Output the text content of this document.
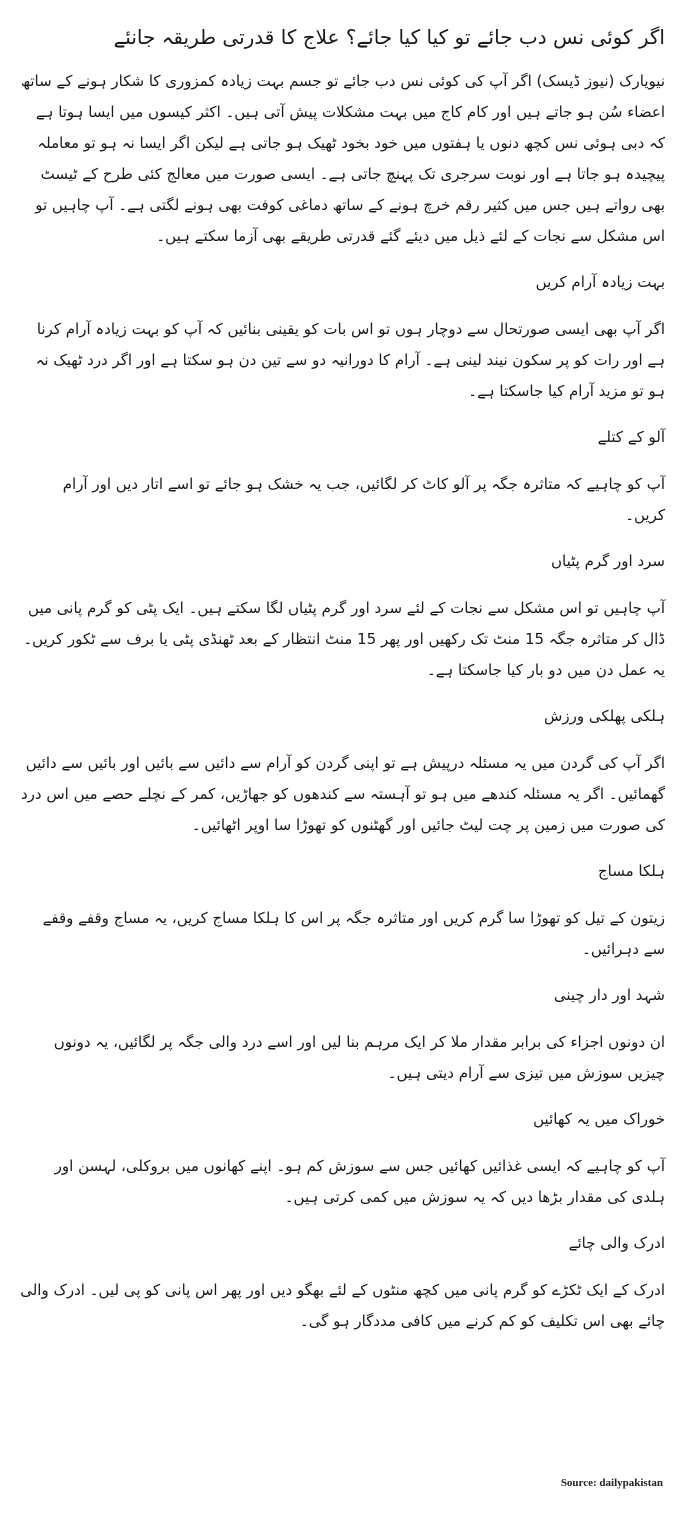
اگر کوئی نس دب جائے تو کیا کیا جائے؟ علاج کا قدرتی طریقہ جانئے

نیویارک (نیوز ڈیسک) اگر آپ کی کوئی نس دب جائے تو جسم بہت زیادہ کمزوری کا شکار ہونے کے ساتھ اعضاء سُن ہو جاتے ہیں اور کام کاج میں بہت مشکلات پیش آتی ہیں۔ اکثر کیسوں میں ایسا ہوتا ہے کہ دبی ہوئی نس کچھ دنوں یا ہفتوں میں خود بخود ٹھیک ہو جاتی ہے لیکن اگر ایسا نہ ہو تو معاملہ پیچیدہ ہو جاتا ہے اور نوبت سرجری تک پہنچ جاتی ہے۔ ایسی صورت میں معالج کئی طرح کے ٹیسٹ بھی رواتے ہیں جس میں کثیر رقم خرچ ہونے کے ساتھ دماغی کوفت بھی ہونے لگتی ہے۔ آپ چاہیں تو اس مشکل سے نجات کے لئے ذیل میں دیئے گئے قدرتی طریقے بھی آزما سکتے ہیں۔

بہت زیادہ آرام کریں

اگر آپ بھی ایسی صورتحال سے دوچار ہوں تو اس بات کو یقینی بنائیں کہ آپ کو بہت زیادہ آرام کرنا ہے اور رات کو پر سکون نیند لینی ہے۔ آرام کا دورانیہ دو سے تین دن ہو سکتا ہے اور اگر درد ٹھیک نہ ہو تو مزید آرام کیا جاسکتا ہے۔

آلو کے کتلے

آپ کو چاہیے کہ متاثرہ جگہ پر آلو کاٹ کر لگائیں، جب یہ خشک ہو جائے تو اسے اتار دیں اور آرام کریں۔

سرد اور گرم پٹیاں

آپ چاہیں تو اس مشکل سے نجات کے لئے سرد اور گرم پٹیاں لگا سکتے ہیں۔ ایک پٹی کو گرم پانی میں ڈال کر متاثرہ جگہ 15 منٹ تک رکھیں اور پھر 15 منٹ انتظار کے بعد ٹھنڈی پٹی یا برف سے ٹکور کریں۔ یہ عمل دن میں دو بار کیا جاسکتا ہے۔

ہلکی پھلکی ورزش

اگر آپ کی گردن میں یہ مسئلہ درپیش ہے تو اپنی گردن کو آرام سے دائیں سے بائیں اور بائیں سے دائیں گھمائیں۔ اگر یہ مسئلہ کندھے میں ہو تو آہستہ سے کندھوں کو جھاڑیں، کمر کے نچلے حصے میں اس درد کی صورت میں زمین پر چت لیٹ جائیں اور گھٹنوں کو تھوڑا سا اوپر اٹھائیں۔

ہلکا مساج

زیتون کے تیل کو تھوڑا سا گرم کریں اور متاثرہ جگہ پر اس کا ہلکا مساج کریں، یہ مساج وقفے وقفے سے دہرائیں۔

شہد اور دار چینی

ان دونوں اجزاء کی برابر مقدار ملا کر ایک مرہم بنا لیں اور اسے درد والی جگہ پر لگائیں، یہ دونوں چیزیں سوزش میں تیزی سے آرام دیتی ہیں۔

خوراک میں یہ کھائیں

آپ کو چاہیے کہ ایسی غذائیں کھائیں جس سے سوزش کم ہو۔ اپنے کھانوں میں بروکلی، لہسن اور ہلدی کی مقدار بڑھا دیں کہ یہ سوزش میں کمی کرتی ہیں۔

ادرک والی چائے

ادرک کے ایک ٹکڑے کو گرم پانی میں کچھ منٹوں کے لئے بھگو دیں اور پھر اس پانی کو پی لیں۔ ادرک والی چائے بھی اس تکلیف کو کم کرنے میں کافی مددگار ہو گی۔

Source: dailypakistan
